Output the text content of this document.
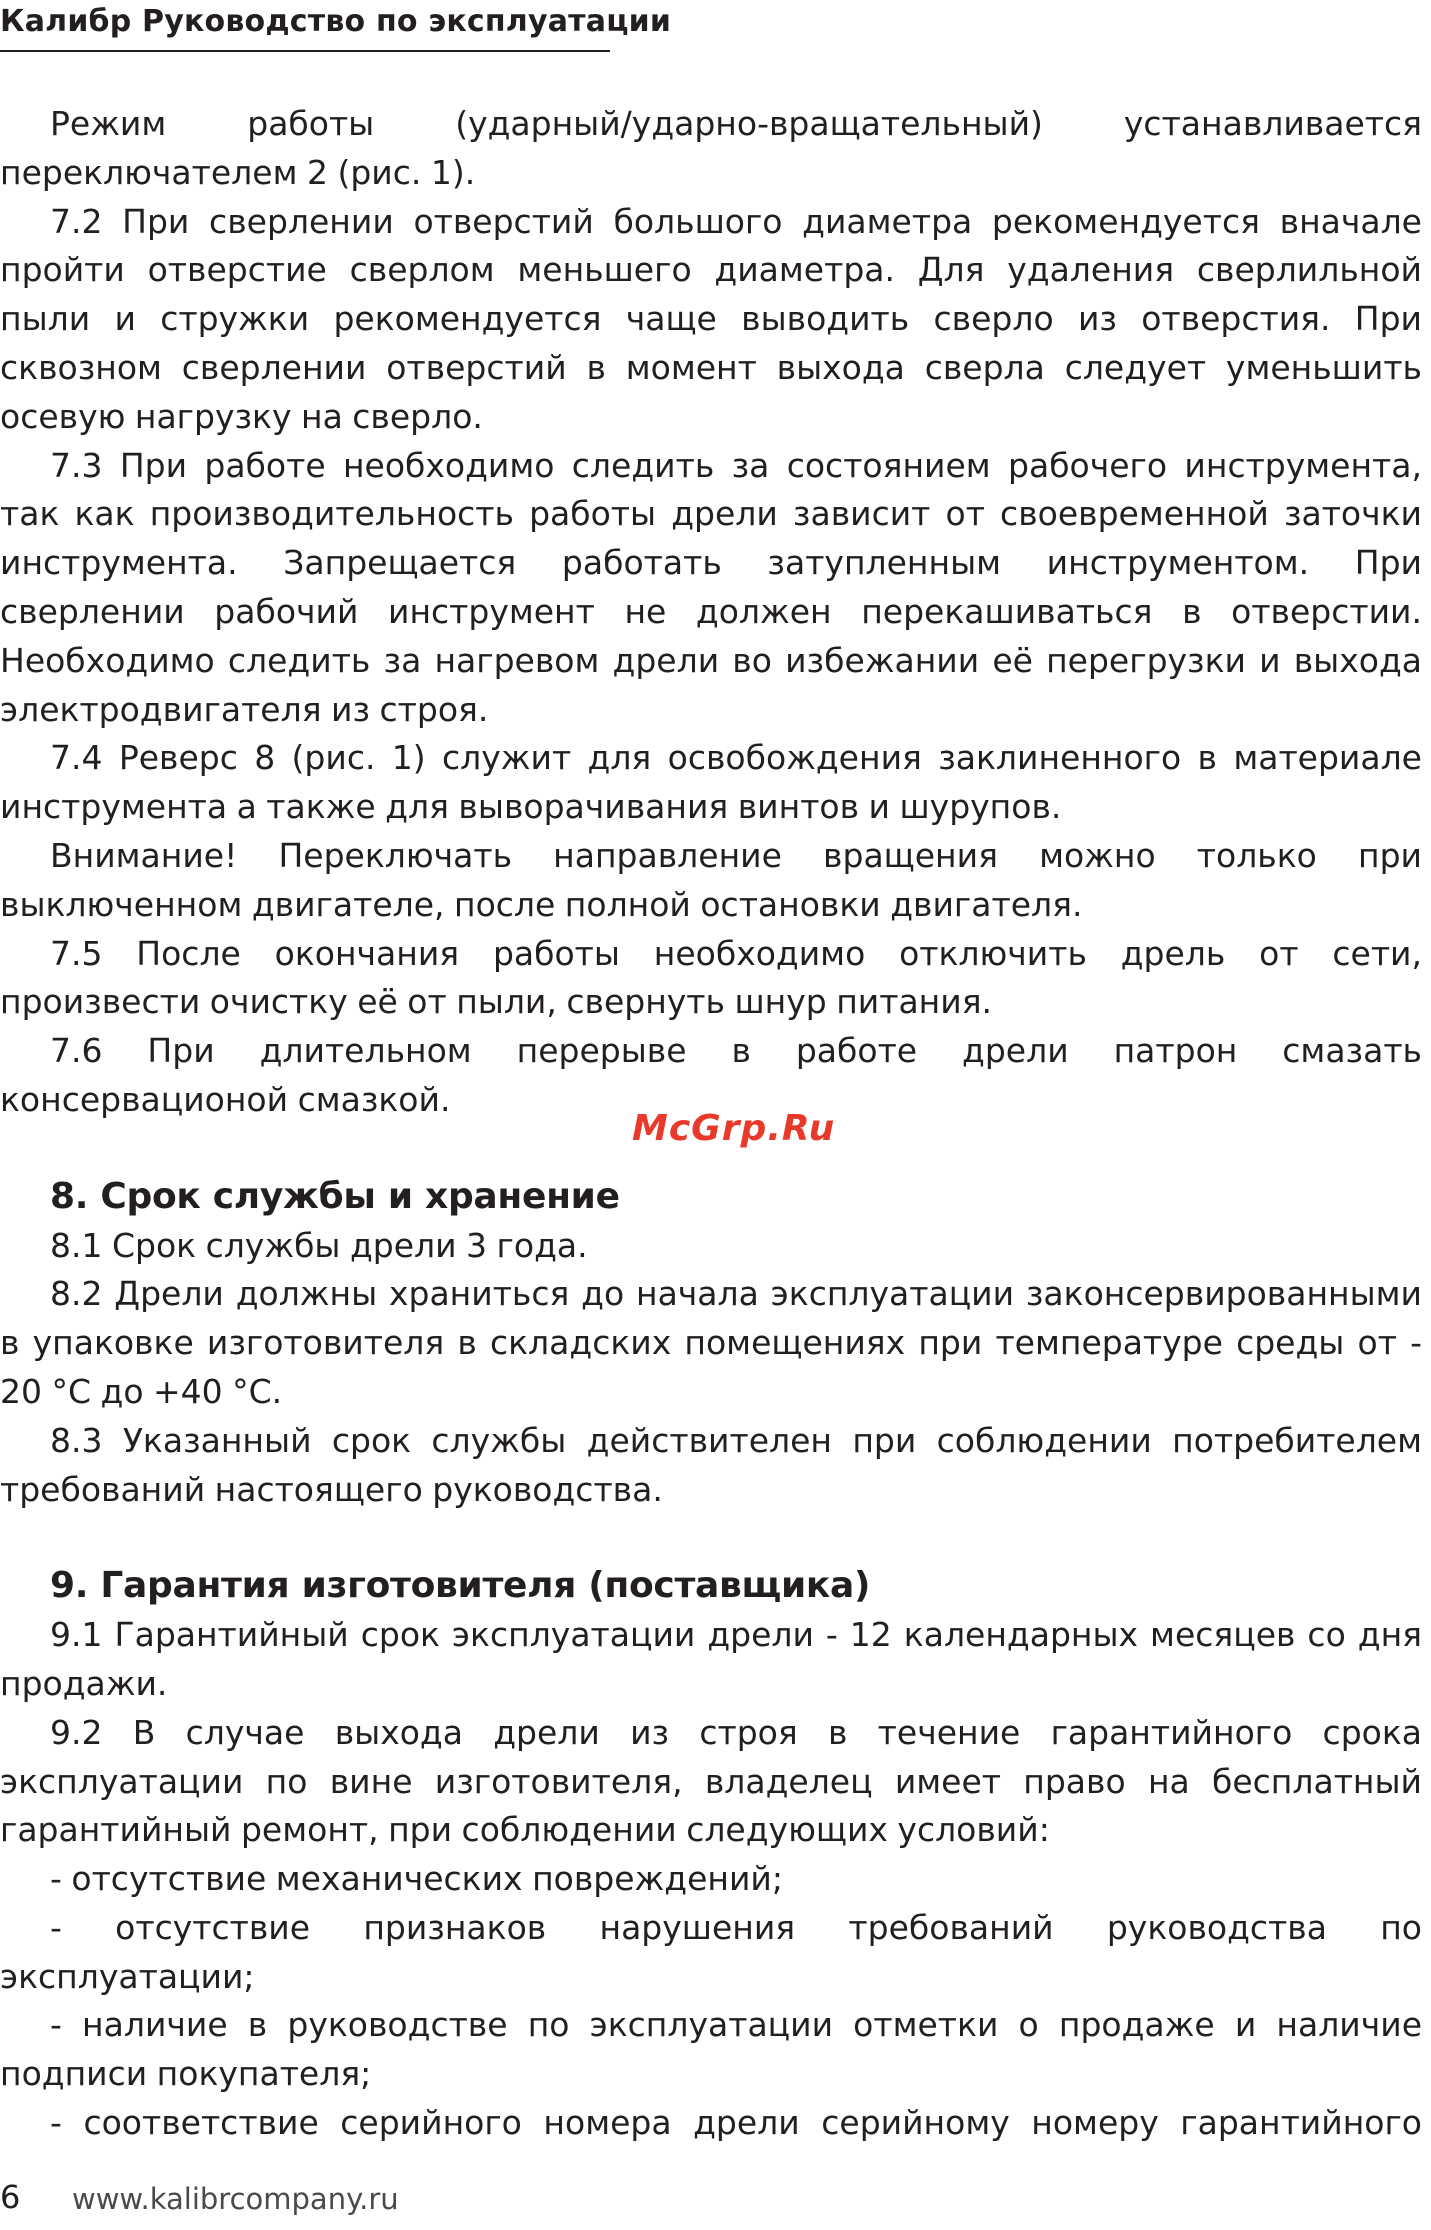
Калибр Руководство по эксплуатации

Режим работы (ударный/ударно-вращательный) устанавливается переключателем 2 (рис. 1).

7.2 При сверлении отверстий большого диаметра рекомендуется вначале пройти отверстие сверлом меньшего диаметра. Для удаления сверлильной пыли и стружки рекомендуется чаще выводить сверло из отверстия. При сквозном сверлении отверстий в момент выхода сверла следует уменьшить осевую нагрузку на сверло.

7.3 При работе необходимо следить за состоянием рабочего инструмента, так как производительность работы дрели зависит от своевременной заточки инструмента. Запрещается работать затупленным инструментом. При сверлении рабочий инструмент не должен перекашиваться в отверстии. Необходимо следить за нагревом дрели во избежании её перегрузки и выхода электродвигателя из строя.

7.4 Реверс 8 (рис. 1) служит для освобождения заклиненного в материале инструмента а также для выворачивания винтов и шурупов.

Внимание! Переключать направление вращения можно только при выключенном двигателе, после полной остановки двигателя.

7.5 После окончания работы необходимо отключить дрель от сети, произвести очистку её от пыли, свернуть шнур питания.

7.6 При длительном перерыве в работе дрели патрон смазать консервационой смазкой.

8. Срок службы и хранение

8.1 Срок службы дрели 3 года.

8.2 Дрели должны храниться до начала эксплуатации законсервированными в упаковке изготовителя в складских помещениях при температуре среды от - 20 °С до +40 °С.

8.3 Указанный срок службы действителен при соблюдении потребителем требований настоящего руководства.

9. Гарантия изготовителя (поставщика)

9.1 Гарантийный срок эксплуатации дрели - 12 календарных месяцев со дня продажи.

9.2 В случае выхода дрели из строя в течение гарантийного срока эксплуатации по вине изготовителя, владелец имеет право на бесплатный гарантийный ремонт, при соблюдении следующих условий:

- отсутствие механических повреждений;

- отсутствие признаков нарушения требований руководства по эксплуатации;

- наличие в руководстве по эксплуатации отметки о продаже и наличие подписи покупателя;

- соответствие серийного номера дрели серийному номеру гарантийного

McGrp.Ru
6 www.kalibrcompany.ru
